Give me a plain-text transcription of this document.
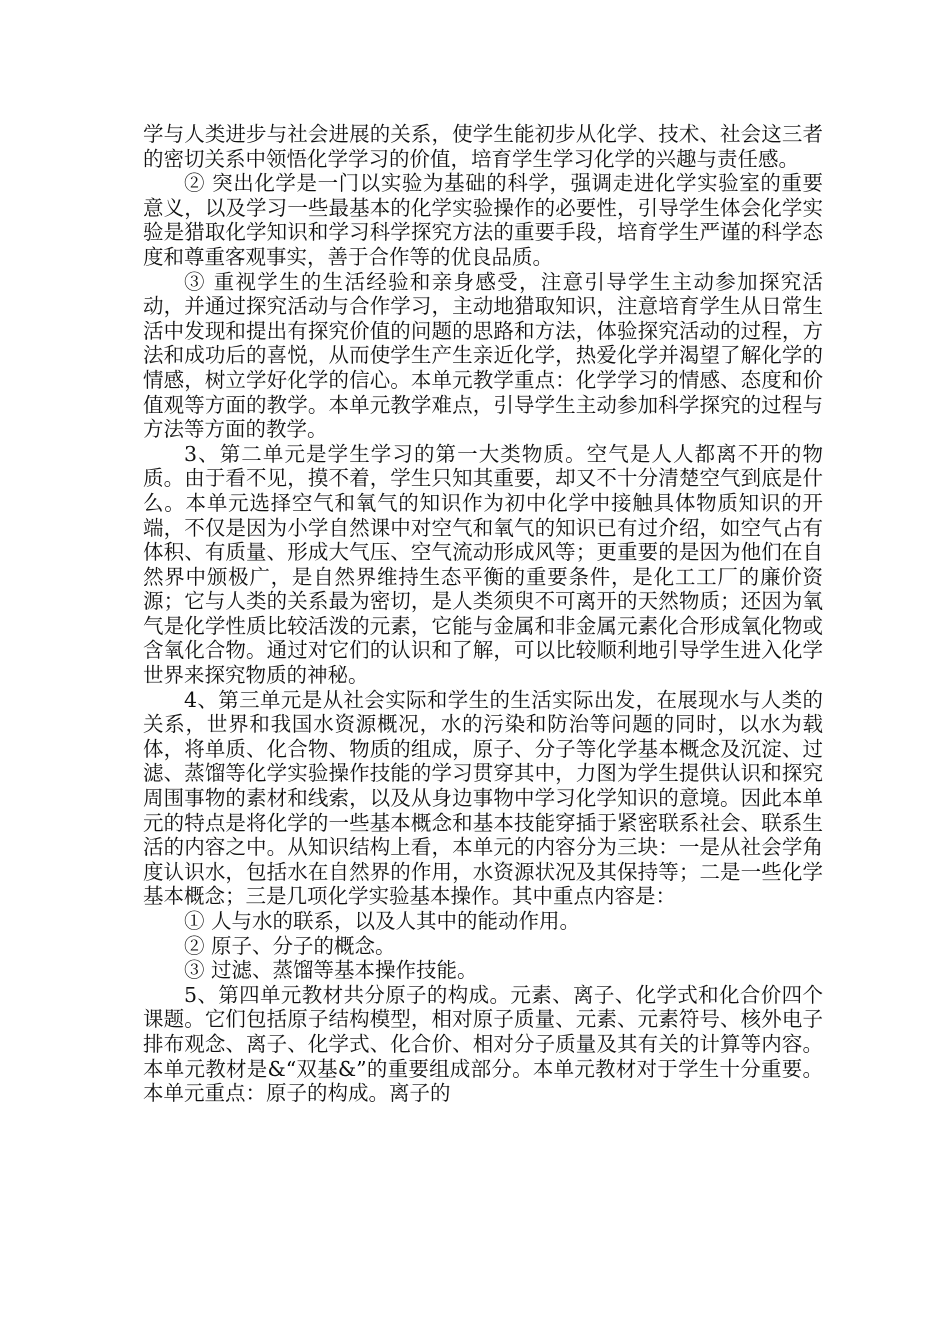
学与人类进步与社会进展的关系，使学生能初步从化学、技术、社会这三者的密切关系中领悟化学学习的价值，培育学生学习化学的兴趣与责任感。

② 突出化学是一门以实验为基础的科学，强调走进化学实验室的重要意义，以及学习一些最基本的化学实验操作的必要性，引导学生体会化学实验是猎取化学知识和学习科学探究方法的重要手段，培育学生严谨的科学态度和尊重客观事实，善于合作等的优良品质。

③ 重视学生的生活经验和亲身感受，注意引导学生主动参加探究活动，并通过探究活动与合作学习，主动地猎取知识，注意培育学生从日常生活中发现和提出有探究价值的问题的思路和方法，体验探究活动的过程，方法和成功后的喜悦，从而使学生产生亲近化学，热爱化学并渴望了解化学的情感，树立学好化学的信心。本单元教学重点：化学学习的情感、态度和价值观等方面的教学。本单元教学难点，引导学生主动参加科学探究的过程与方法等方面的教学。

3、第二单元是学生学习的第一大类物质。空气是人人都离不开的物质。由于看不见，摸不着，学生只知其重要，却又不十分清楚空气到底是什么。本单元选择空气和氧气的知识作为初中化学中接触具体物质知识的开端，不仅是因为小学自然课中对空气和氧气的知识已有过介绍，如空气占有体积、有质量、形成大气压、空气流动形成风等；更重要的是因为他们在自然界中颁极广，是自然界维持生态平衡的重要条件，是化工工厂的廉价资源；它与人类的关系最为密切，是人类须臾不可离开的天然物质；还因为氧气是化学性质比较活泼的元素，它能与金属和非金属元素化合形成氧化物或含氧化合物。通过对它们的认识和了解，可以比较顺利地引导学生进入化学世界来探究物质的神秘。

4、第三单元是从社会实际和学生的生活实际出发，在展现水与人类的关系，世界和我国水资源概况，水的污染和防治等问题的同时，以水为载体，将单质、化合物、物质的组成，原子、分子等化学基本概念及沉淀、过滤、蒸馏等化学实验操作技能的学习贯穿其中，力图为学生提供认识和探究周围事物的素材和线索，以及从身边事物中学习化学知识的意境。因此本单元的特点是将化学的一些基本概念和基本技能穿插于紧密联系社会、联系生活的内容之中。从知识结构上看，本单元的内容分为三块：一是从社会学角度认识水，包括水在自然界的作用，水资源状况及其保持等；二是一些化学基本概念；三是几项化学实验基本操作。其中重点内容是：

① 人与水的联系，以及人其中的能动作用。

② 原子、分子的概念。

③ 过滤、蒸馏等基本操作技能。

5、第四单元教材共分原子的构成。元素、离子、化学式和化合价四个课题。它们包括原子结构模型，相对原子质量、元素、元素符号、核外电子排布观念、离子、化学式、化合价、相对分子质量及其有关的计算等内容。本单元教材是&“双基&”的重要组成部分。本单元教材对于学生十分重要。本单元重点：原子的构成。离子的
